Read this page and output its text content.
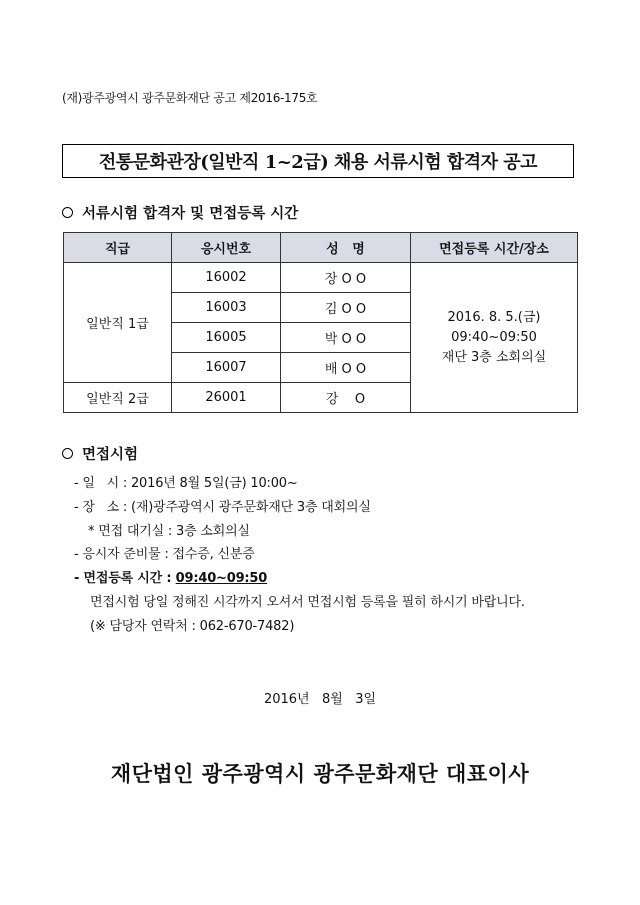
(재)광주광역시 광주문화재단 공고 제2016-175호
전통문화관장(일반직 1~2급) 채용 서류시험 합격자 공고
서류시험 합격자 및 면접등록 시간
직급	응시번호	성   명	면접등록 시간/장소
일반직 1급	16002	장 O O	2016. 8. 5.(금)
09:40~09:50
재단 3층 소회의실

	16003	김 O O	
	16005	박 O O	
	16007	배 O O	
일반직 2급	26001	강    O	
면접시험
- 일   시 : 2016년 8월 5일(금) 10:00~
- 장   소 : (재)광주광역시 광주문화재단 3층 대회의실
* 면접 대기실 : 3층 소회의실
- 응시자 준비물 : 접수증, 신분증
- 면접등록 시간 : 09:40~09:50
면접시험 당일 정해진 시각까지 오셔서 면접시험 등록을 필히 하시기 바랍니다.
(※ 담당자 연락처 : 062-670-7482)
2016년   8월   3일
재단법인 광주광역시 광주문화재단 대표이사
